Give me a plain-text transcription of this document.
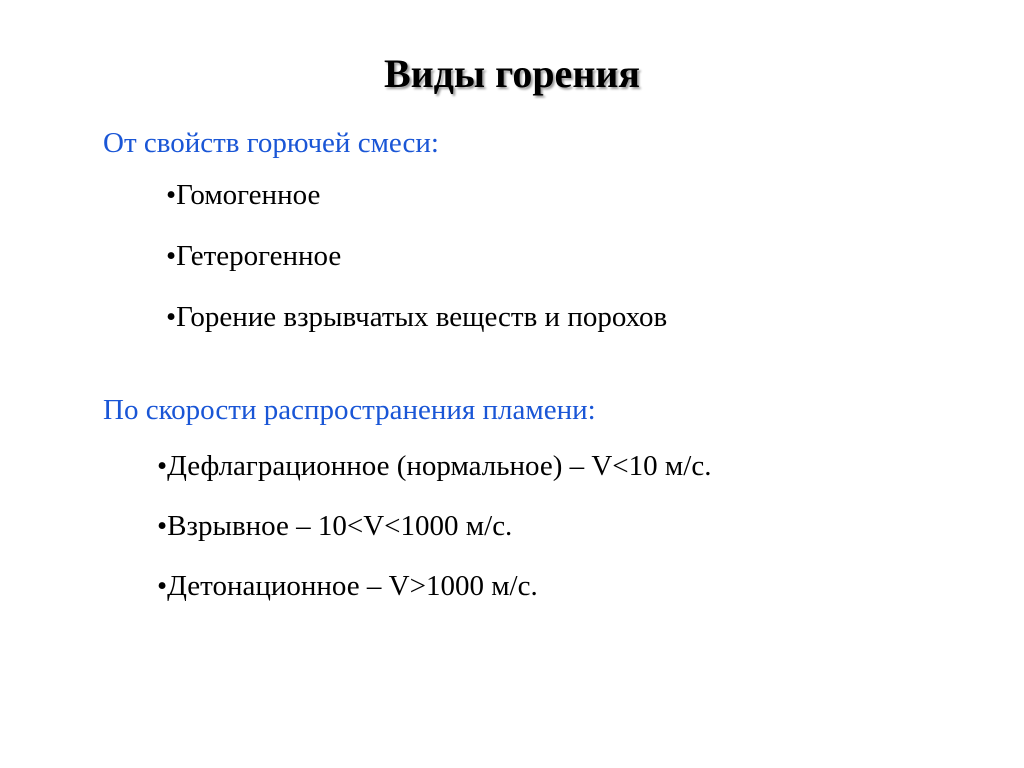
Виды горения
От свойств горючей смеси:
•Гомогенное
•Гетерогенное
•Горение взрывчатых веществ и порохов
По скорости распространения пламени:
•Дефлаграционное (нормальное) – V<10 м/с.
•Взрывное – 10<V<1000 м/с.
•Детонационное – V>1000 м/с.
